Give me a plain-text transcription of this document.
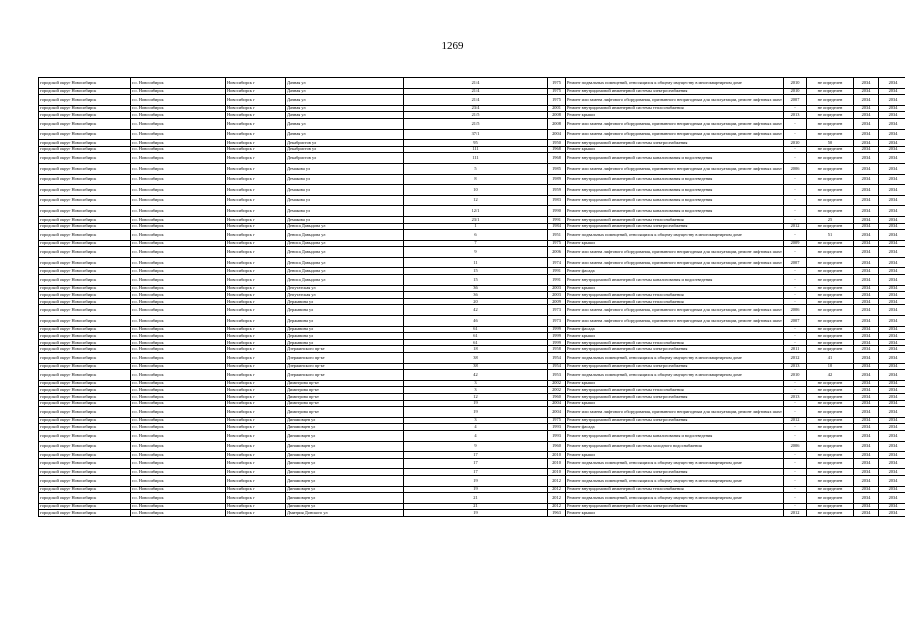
1269
городской округ Новосибирск	г.о. Новосибирск	Новосибирск г	Дачная ул	21/4	1975	Ремонт подвальных помещений, относящихся к общему имуществу в многоквартирном доме	2010	не определен	2034	2034
городской округ Новосибирск	г.о. Новосибирск	Новосибирск г	Дачная ул	21/4	1975	Ремонт внутридомовой инженерной системы электроснабжения	2010	не определен	2034	2034
городской округ Новосибирск	г.о. Новосибирск	Новосибирск г	Дачная ул	21/4	1975	Ремонт или замена лифтового оборудования, признанного непригодным для эксплуатации, ремонт лифтовых шахт	2007	не определен	2034	2034
городской округ Новосибирск	г.о. Новосибирск	Новосибирск г	Дачная ул	23/4	2001	Ремонт внутридомовой инженерной системы теплоснабжения	-	не определен	2034	2034
городской округ Новосибирск	г.о. Новосибирск	Новосибирск г	Дачная ул	21/5	2008	Ремонт крыши	2013	не определен	2034	2034
городской округ Новосибирск	г.о. Новосибирск	Новосибирск г	Дачная ул	21/5	2008	Ремонт или замена лифтового оборудования, признанного непригодным для эксплуатации, ремонт лифтовых шахт	-	не определен	2034	2034
городской округ Новосибирск	г.о. Новосибирск	Новосибирск г	Дачная ул	37/1	2004	Ремонт или замена лифтового оборудования, признанного непригодным для эксплуатации, ремонт лифтовых шахт	-	не определен	2034	2034
городской округ Новосибирск	г.о. Новосибирск	Новосибирск г	Декабристов ул	95	1950	Ремонт внутридомовой инженерной системы электроснабжения	2010	50	2034	2034
городской округ Новосибирск	г.о. Новосибирск	Новосибирск г	Декабристов ул	111	1968	Ремонт крыши	-	не определен	2034	2034
городской округ Новосибирск	г.о. Новосибирск	Новосибирск г	Декабристов ул	111	1968	Ремонт внутридомовой инженерной системы канализования и водоотведения	-	не определен	2034	2034
городской округ Новосибирск	г.о. Новосибирск	Новосибирск г	Демакова ул	5	1985	Ремонт или замена лифтового оборудования, признанного непригодным для эксплуатации, ремонт лифтовых шахт	2006	не определен	2034	2034
городской округ Новосибирск	г.о. Новосибирск	Новосибирск г	Демакова ул	8	1989	Ремонт внутридомовой инженерной системы канализования и водоотведения	-	не определен	2034	2034
городской округ Новосибирск	г.о. Новосибирск	Новосибирск г	Демакова ул	10	1959	Ремонт внутридомовой инженерной системы канализования и водоотведения	-	не определен	2034	2034
городской округ Новосибирск	г.о. Новосибирск	Новосибирск г	Демакова ул	12	1983	Ремонт внутридомовой инженерной системы канализования и водоотведения	-	не определен	2034	2034
городской округ Новосибирск	г.о. Новосибирск	Новосибирск г	Демакова ул	12/1	1990	Ремонт внутридомовой инженерной системы канализования и водоотведения	-	не определен	2034	2034
городской округ Новосибирск	г.о. Новосибирск	Новосибирск г	Демакова ул	23/1	1991	Ремонт внутридомовой инженерной системы теплоснабжения	-	25	2034	2034
городской округ Новосибирск	г.о. Новосибирск	Новосибирск г	Дениса Давыдова ул	1	1984	Ремонт внутридомовой инженерной системы электроснабжения	2012	не определен	2034	2034
городской округ Новосибирск	г.о. Новосибирск	Новосибирск г	Дениса Давыдова ул	6	1951	Ремонт подвальных помещений, относящихся к общему имуществу в многоквартирном доме	-	51	2034	2034
городской округ Новосибирск	г.о. Новосибирск	Новосибирск г	Дениса Давыдова ул	7	1975	Ремонт крыши	2009	не определен	2034	2034
городской округ Новосибирск	г.о. Новосибирск	Новосибирск г	Дениса Давыдова ул	9	2006	Ремонт или замена лифтового оборудования, признанного непригодным для эксплуатации, ремонт лифтовых шахт	-	не определен	2034	2034
городской округ Новосибирск	г.о. Новосибирск	Новосибирск г	Дениса Давыдова ул	11	1974	Ремонт или замена лифтового оборудования, признанного непригодным для эксплуатации, ремонт лифтовых шахт	2007	не определен	2034	2034
городской округ Новосибирск	г.о. Новосибирск	Новосибирск г	Дениса Давыдова ул	15	1991	Ремонт фасада	-	не определен	2034	2034
городской округ Новосибирск	г.о. Новосибирск	Новосибирск г	Дениса Давыдова ул	15	1991	Ремонт внутридомовой инженерной системы канализования и водоотведения	-	не определен	2034	2034
городской округ Новосибирск	г.о. Новосибирск	Новосибирск г	Депутатская ул	36	2003	Ремонт крыши	-	не определен	2034	2034
городской округ Новосибирск	г.о. Новосибирск	Новосибирск г	Депутатская ул	36	2003	Ремонт внутридомовой инженерной системы теплоснабжения	-	не определен	2034	2034
городской округ Новосибирск	г.о. Новосибирск	Новосибирск г	Державина ул	20	2009	Ремонт внутридомовой инженерной системы теплоснабжения	-	не определен	2034	2034
городской округ Новосибирск	г.о. Новосибирск	Новосибирск г	Державина ул	42	1973	Ремонт или замена лифтового оборудования, признанного непригодным для эксплуатации, ремонт лифтовых шахт	2006	не определен	2034	2034
городской округ Новосибирск	г.о. Новосибирск	Новосибирск г	Державина ул	46	1973	Ремонт или замена лифтового оборудования, признанного непригодным для эксплуатации, ремонт лифтовых шахт	2007	не определен	2034	2034
городской округ Новосибирск	г.о. Новосибирск	Новосибирск г	Державина ул	61	1999	Ремонт фасада	-	не определен	2034	2034
городской округ Новосибирск	г.о. Новосибирск	Новосибирск г	Державина ул	61	1999	Ремонт крыши	-	не определен	2034	2034
городской округ Новосибирск	г.о. Новосибирск	Новосибирск г	Державина ул	61	1999	Ремонт внутридомовой инженерной системы теплоснабжения	-	не определен	2034	2034
городской округ Новосибирск	г.о. Новосибирск	Новосибирск г	Дзержинского пр-кт	18	1958	Ремонт внутридомовой инженерной системы электроснабжения	2011	не определен	2034	2034
городской округ Новосибирск	г.о. Новосибирск	Новосибирск г	Дзержинского пр-кт	38	1954	Ремонт подвальных помещений, относящихся к общему имуществу в многоквартирном доме	2012	41	2034	2034
городской округ Новосибирск	г.о. Новосибирск	Новосибирск г	Дзержинского пр-кт	38	1954	Ремонт внутридомовой инженерной системы электроснабжения	2013	10	2034	2034
городской округ Новосибирск	г.о. Новосибирск	Новосибирск г	Дзержинского пр-кт	42	1953	Ремонт подвальных помещений, относящихся к общему имуществу в многоквартирном доме	2010	42	2034	2034
городской округ Новосибирск	г.о. Новосибирск	Новосибирск г	Димитрова пр-кт	3	2002	Ремонт крыши	-	не определен	2034	2034
городской округ Новосибирск	г.о. Новосибирск	Новосибирск г	Димитрова пр-кт	3	2002	Ремонт внутридомовой инженерной системы теплоснабжения	-	не определен	2034	2034
городской округ Новосибирск	г.о. Новосибирск	Новосибирск г	Димитрова пр-кт	12	1960	Ремонт внутридомовой инженерной системы электроснабжения	2013	не определен	2034	2034
городской округ Новосибирск	г.о. Новосибирск	Новосибирск г	Димитрова пр-кт	19	2004	Ремонт крыши	-	не определен	2034	2034
городской округ Новосибирск	г.о. Новосибирск	Новосибирск г	Димитрова пр-кт	19	2004	Ремонт или замена лифтового оборудования, признанного непригодным для эксплуатации, ремонт лифтовых шахт	-	не определен	2034	2034
городской округ Новосибирск	г.о. Новосибирск	Новосибирск г	Динамовцев ул	3	1975	Ремонт внутридомовой инженерной системы электроснабжения	2012	не определен	2034	2034
городской округ Новосибирск	г.о. Новосибирск	Новосибирск г	Динамовцев ул	4	1993	Ремонт фасада	-	не определен	2034	2034
городской округ Новосибирск	г.о. Новосибирск	Новосибирск г	Динамовцев ул	4	1993	Ремонт внутридомовой инженерной системы канализования и водоотведения	-	не определен	2034	2034
городской округ Новосибирск	г.о. Новосибирск	Новосибирск г	Динамовцев ул	9	1960	Ремонт внутридомовой инженерной системы холодного водоснабжения	2006	не определен	2034	2034
городской округ Новосибирск	г.о. Новосибирск	Новосибирск г	Динамовцев ул	17	2010	Ремонт крыши	-	не определен	2034	2034
городской округ Новосибирск	г.о. Новосибирск	Новосибирск г	Динамовцев ул	17	2010	Ремонт подвальных помещений, относящихся к общему имуществу в многоквартирном доме	-	не определен	2034	2034
городской округ Новосибирск	г.о. Новосибирск	Новосибирск г	Динамовцев ул	17	2010	Ремонт внутридомовой инженерной системы электроснабжения	-	не определен	2034	2034
городской округ Новосибирск	г.о. Новосибирск	Новосибирск г	Динамовцев ул	19	2012	Ремонт подвальных помещений, относящихся к общему имуществу в многоквартирном доме	-	не определен	2034	2034
городской округ Новосибирск	г.о. Новосибирск	Новосибирск г	Динамовцев ул	19	2012	Ремонт внутридомовой инженерной системы теплоснабжения	-	не определен	2034	2034
городской округ Новосибирск	г.о. Новосибирск	Новосибирск г	Динамовцев ул	21	2012	Ремонт подвальных помещений, относящихся к общему имуществу в многоквартирном доме	-	не определен	2034	2034
городской округ Новосибирск	г.о. Новосибирск	Новосибирск г	Динамовцев ул	21	2012	Ремонт внутридомовой инженерной системы электроснабжения	-	не определен	2034	2034
городской округ Новосибирск	г.о. Новосибирск	Новосибирск г	Дмитрия Донского ул	19	1963	Ремонт крыши	2012	не определен	2034	2034
